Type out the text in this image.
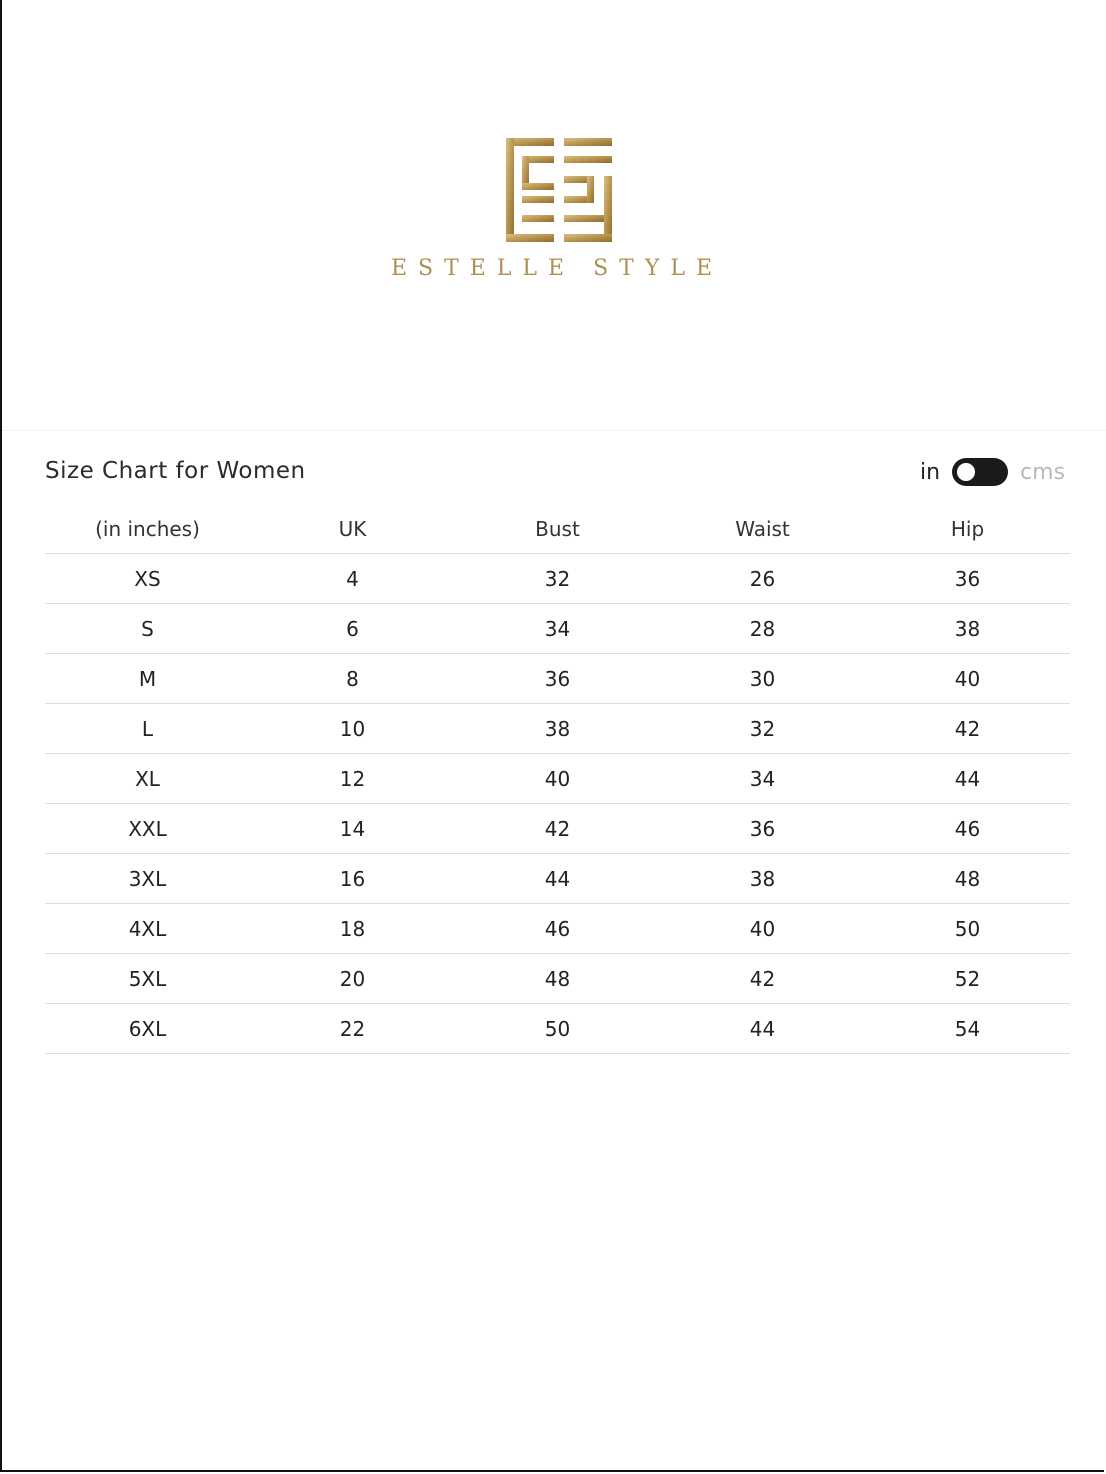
ESTELLE STYLE
Size Chart for Women	in	cms
(in inches)	UK	Bust	Waist	Hip
XS	4	32	26	36
S	6	34	28	38
M	8	36	30	40
L	10	38	32	42
XL	12	40	34	44
XXL	14	42	36	46
3XL	16	44	38	48
4XL	18	46	40	50
5XL	20	48	42	52
6XL	22	50	44	54
